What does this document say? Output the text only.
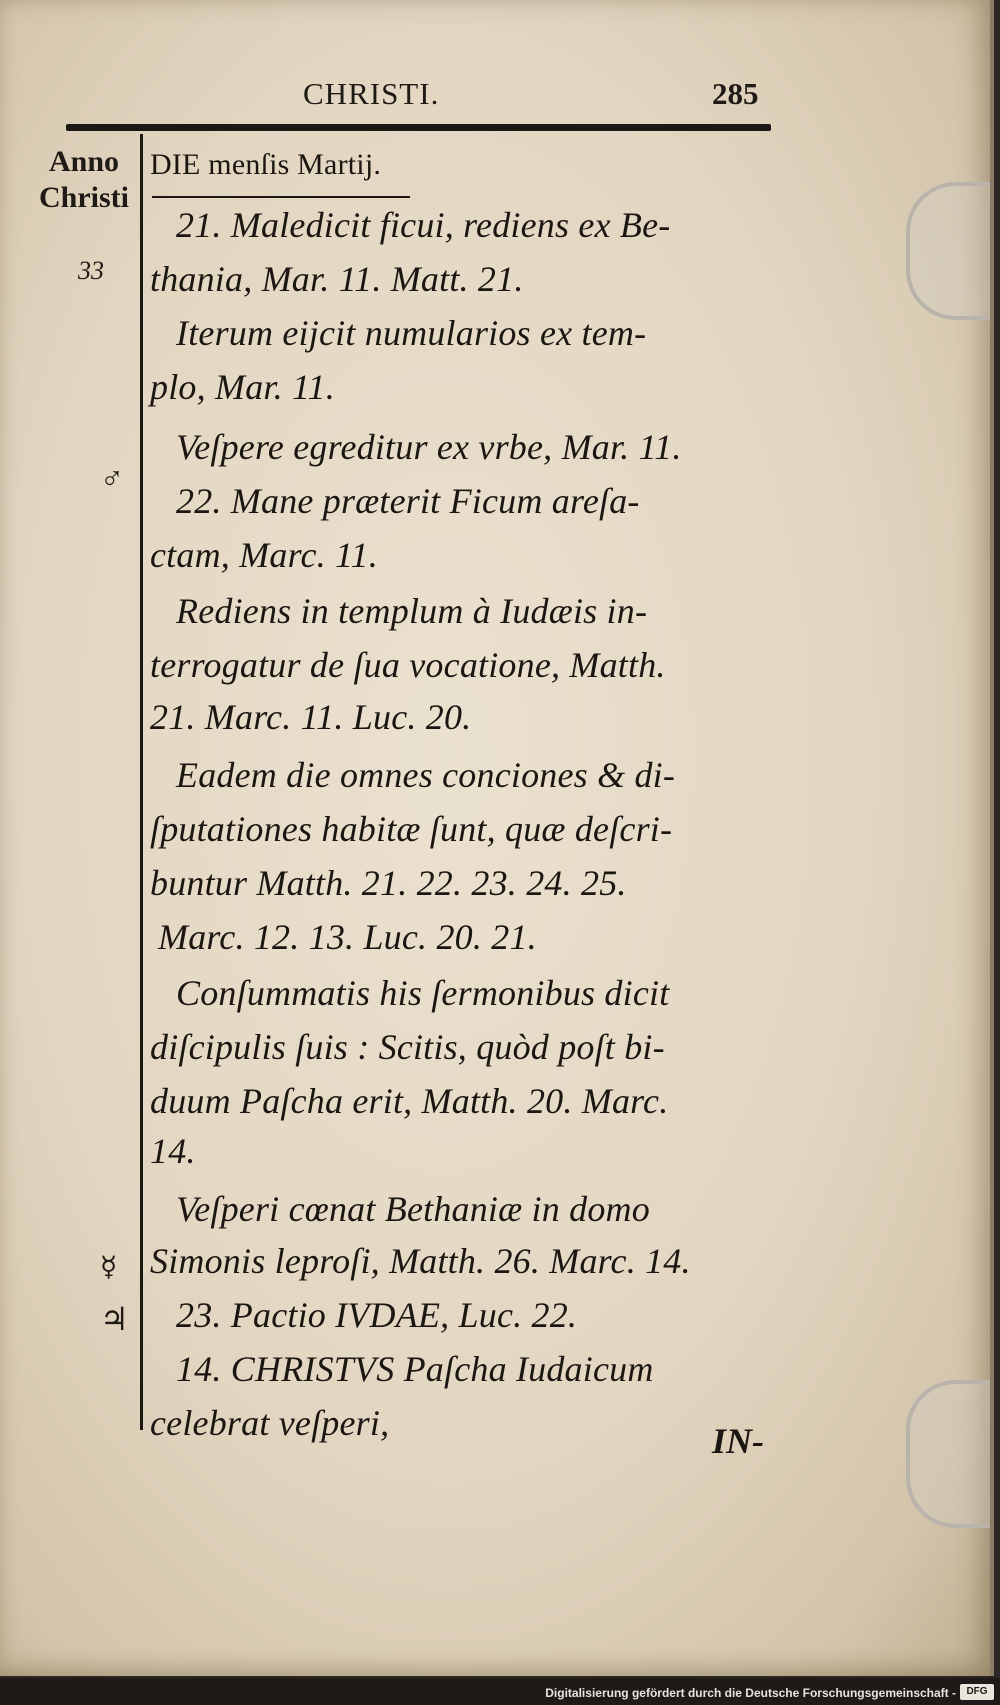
CHRISTI.	285
Anno
Christi
33
♂
☿
♃
DIE menſis Martij.
21. Maledicit ficui, rediens ex Be-
thania, Mar. 11. Matt. 21.
Iterum eijcit numularios ex tem-
plo, Mar. 11.
Veſpere egreditur ex vrbe, Mar. 11.
22. Mane præterit Ficum areſa-
ctam, Marc. 11.
Rediens in templum à Iudæis in-
terrogatur de ſua vocatione, Matth.
21. Marc. 11. Luc. 20.
Eadem die omnes conciones & di-
ſputationes habitæ ſunt, quæ deſcri-
buntur Matth. 21. 22. 23. 24. 25.
Marc. 12. 13. Luc. 20. 21.
Conſummatis his ſermonibus dicit
diſcipulis ſuis : Scitis, quòd poſt bi-
duum Paſcha erit, Matth. 20. Marc.
14.
Veſperi cœnat Bethaniæ in domo
Simonis leproſi, Matth. 26. Marc. 14.
23. Pactio IVDAE, Luc. 22.
14. CHRISTVS Paſcha Iudaicum
celebrat veſperi,	IN-
Digitalisierung gefördert durch die Deutsche Forschungsgemeinschaft -	DFG
